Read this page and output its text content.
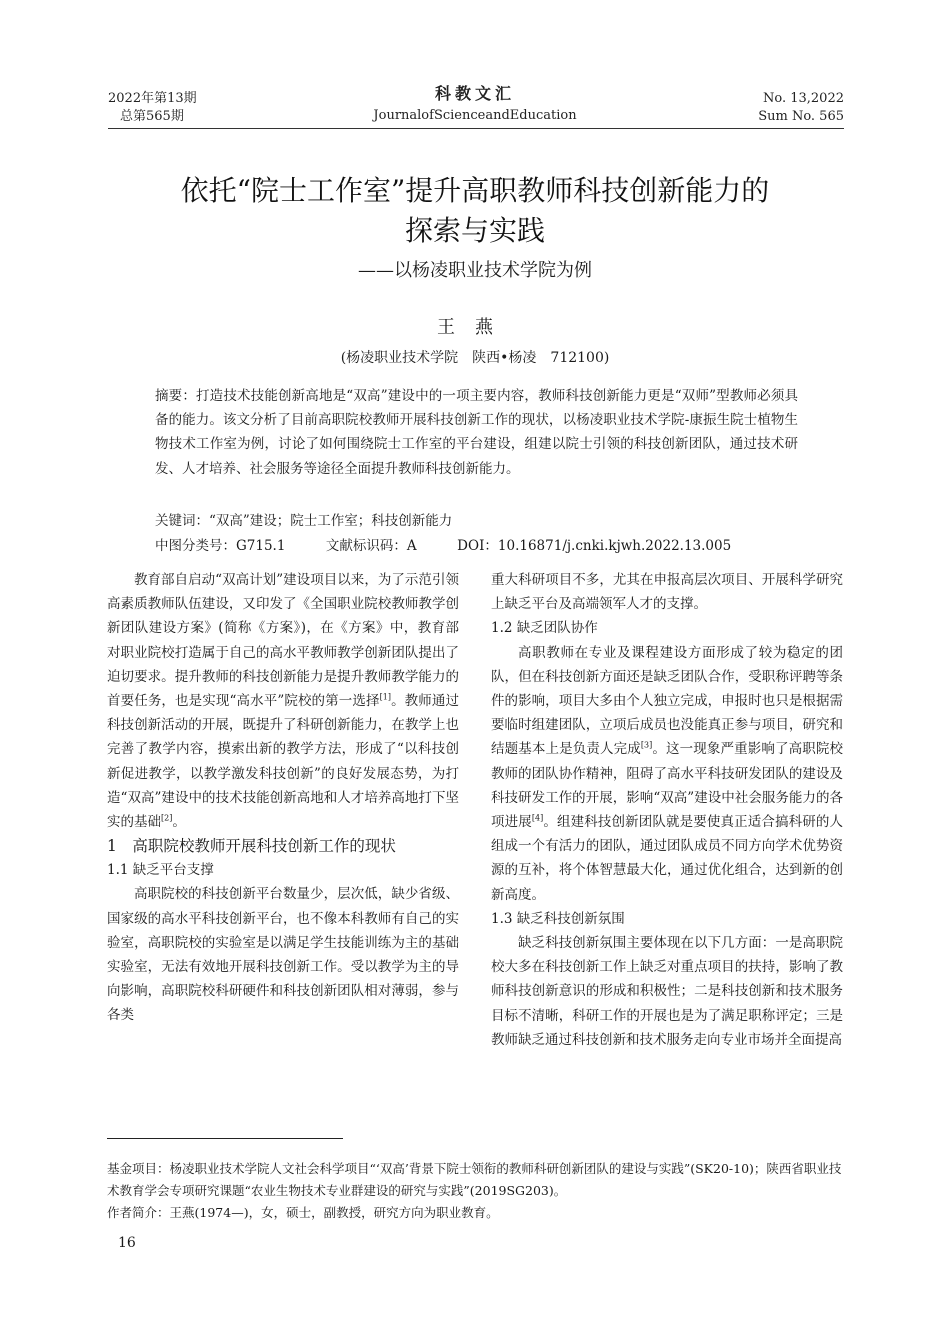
2022年第13期
总第565期
科教文汇
JournalofScienceandEducation
No. 13,2022
Sum No. 565
依托“院士工作室”提升高职教师科技创新能力的
探索与实践
——以杨凌职业技术学院为例
王燕
(杨凌职业技术学院　陕西•杨凌　712100)
摘要：打造技术技能创新高地是“双高”建设中的一项主要内容，教师科技创新能力更是“双师”型教师必须具备的能力。该文分析了目前高职院校教师开展科技创新工作的现状，以杨凌职业技术学院-康振生院士植物生物技术工作室为例，讨论了如何围绕院士工作室的平台建设，组建以院士引领的科技创新团队，通过技术研发、人才培养、社会服务等途径全面提升教师科技创新能力。
关键词：“双高”建设；院士工作室；科技创新能力
中图分类号：G715.1　　　文献标识码：A　　　DOI：10.16871/j.cnki.kjwh.2022.13.005

教育部自启动“双高计划”建设项目以来，为了示范引领高素质教师队伍建设，又印发了《全国职业院校教师教学创新团队建设方案》(简称《方案》)，在《方案》中，教育部对职业院校打造属于自己的高水平教师教学创新团队提出了迫切要求。提升教师的科技创新能力是提升教师教学能力的首要任务，也是实现“高水平”院校的第一选择[1]。教师通过科技创新活动的开展，既提升了科研创新能力，在教学上也完善了教学内容，摸索出新的教学方法，形成了“以科技创新促进教学，以教学激发科技创新”的良好发展态势，为打造“双高”建设中的技术技能创新高地和人才培养高地打下坚实的基础[2]。

1　高职院校教师开展科技创新工作的现状

1.1 缺乏平台支撑

高职院校的科技创新平台数量少，层次低，缺少省级、国家级的高水平科技创新平台，也不像本科教师有自己的实验室，高职院校的实验室是以满足学生技能训练为主的基础实验室，无法有效地开展科技创新工作。受以教学为主的导向影响，高职院校科研硬件和科技创新团队相对薄弱，参与各类

重大科研项目不多，尤其在申报高层次项目、开展科学研究上缺乏平台及高端领军人才的支撑。

1.2 缺乏团队协作

高职教师在专业及课程建设方面形成了较为稳定的团队，但在科技创新方面还是缺乏团队合作，受职称评聘等条件的影响，项目大多由个人独立完成，申报时也只是根据需要临时组建团队，立项后成员也没能真正参与项目，研究和结题基本上是负责人完成[3]。这一现象严重影响了高职院校教师的团队协作精神，阻碍了高水平科技研发团队的建设及科技研发工作的开展，影响“双高”建设中社会服务能力的各项进展[4]。组建科技创新团队就是要使真正适合搞科研的人组成一个有活力的团队，通过团队成员不同方向学术优势资源的互补，将个体智慧最大化，通过优化组合，达到新的创新高度。

1.3 缺乏科技创新氛围

缺乏科技创新氛围主要体现在以下几方面：一是高职院校大多在科技创新工作上缺乏对重点项目的扶持，影响了教师科技创新意识的形成和积极性；二是科技创新和技术服务目标不清晰，科研工作的开展也是为了满足职称评定；三是教师缺乏通过科技创新和技术服务走向专业市场并全面提高

基金项目：杨凌职业技术学院人文社会科学项目“‘双高’背景下院士领衔的教师科研创新团队的建设与实践”(SK20-10)；陕西省职业技术教育学会专项研究课题“农业生物技术专业群建设的研究与实践”(2019SG203)。

作者简介：王燕(1974—)，女，硕士，副教授，研究方向为职业教育。

16
